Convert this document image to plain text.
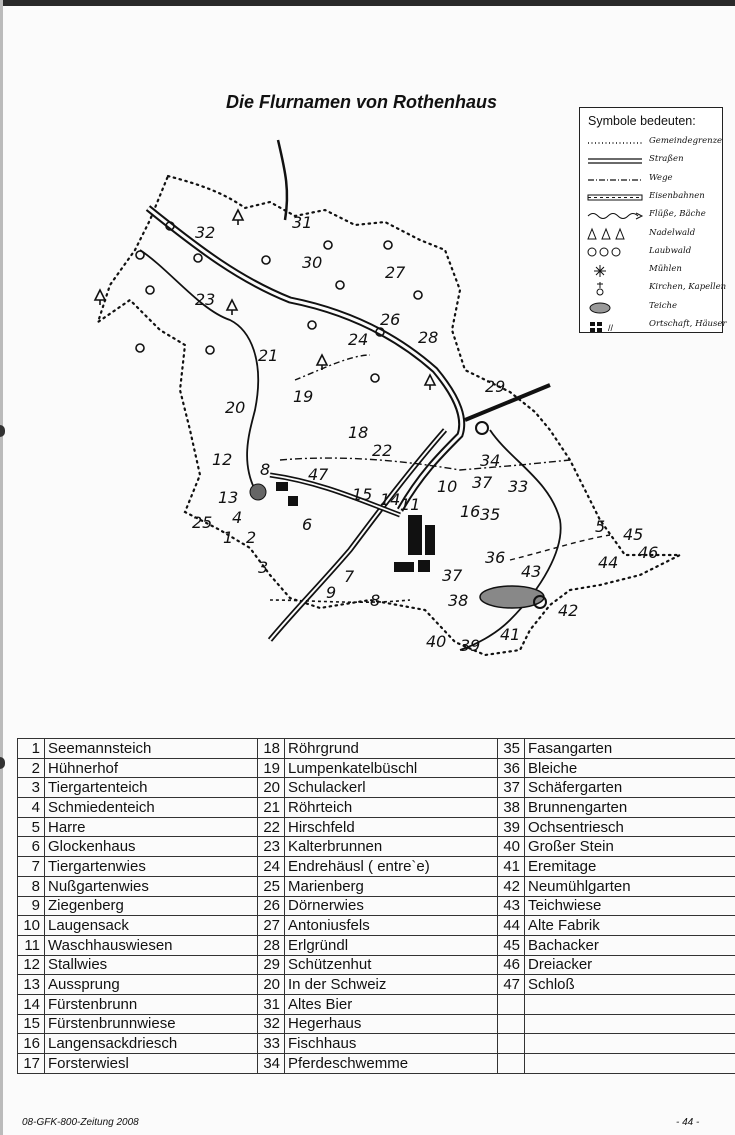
Die Flurnamen von Rothenhaus
32
31
30
27
23
26
28
21
24
29
20
19
18
22
12
8 47
15 14
10 37
34
33
13
25 4
1 2
6
3
11 16 35
5 45
46
44
36
43
7
9 8
37
38
42
41
40 39
Symbole bedeuten:
Gemeindegrenze
Straßen
Wege
Eisenbahnen
Flüße, Bäche
Nadelwald
Laubwald
Mühlen
Kirchen, Kapellen
Teiche
//	Ortschaft, Häuser
1	Seemannsteich	18	Röhrgrund	35	Fasangarten
2	Hühnerhof	19	Lumpenkatelbüschl	36	Bleiche
3	Tiergartenteich	20	Schulackerl	37	Schäfergarten
4	Schmiedenteich	21	Röhrteich	38	Brunnengarten
5	Harre	22	Hirschfeld	39	Ochsentriesch
6	Glockenhaus	23	Kalterbrunnen	40	Großer Stein
7	Tiergartenwies	24	Endrehäusl ( entre`e)	41	Eremitage
8	Nußgartenwies	25	Marienberg	42	Neumühlgarten
9	Ziegenberg	26	Dörnerwies	43	Teichwiese
10	Laugensack	27	Antoniusfels	44	Alte Fabrik
11	Waschhauswiesen	28	Erlgründl	45	Bachacker
12	Stallwies	29	Schützenhut	46	Dreiacker
13	Aussprung	20	In der Schweiz	47	Schloß
14	Fürstenbrunn	31	Altes Bier		
15	Fürstenbrunnwiese	32	Hegerhaus		
16	Langensackdriesch	33	Fischhaus		
17	Forsterwiesl	34	Pferdeschwemme		
08-GFK-800-Zeitung 2008	- 44 -
